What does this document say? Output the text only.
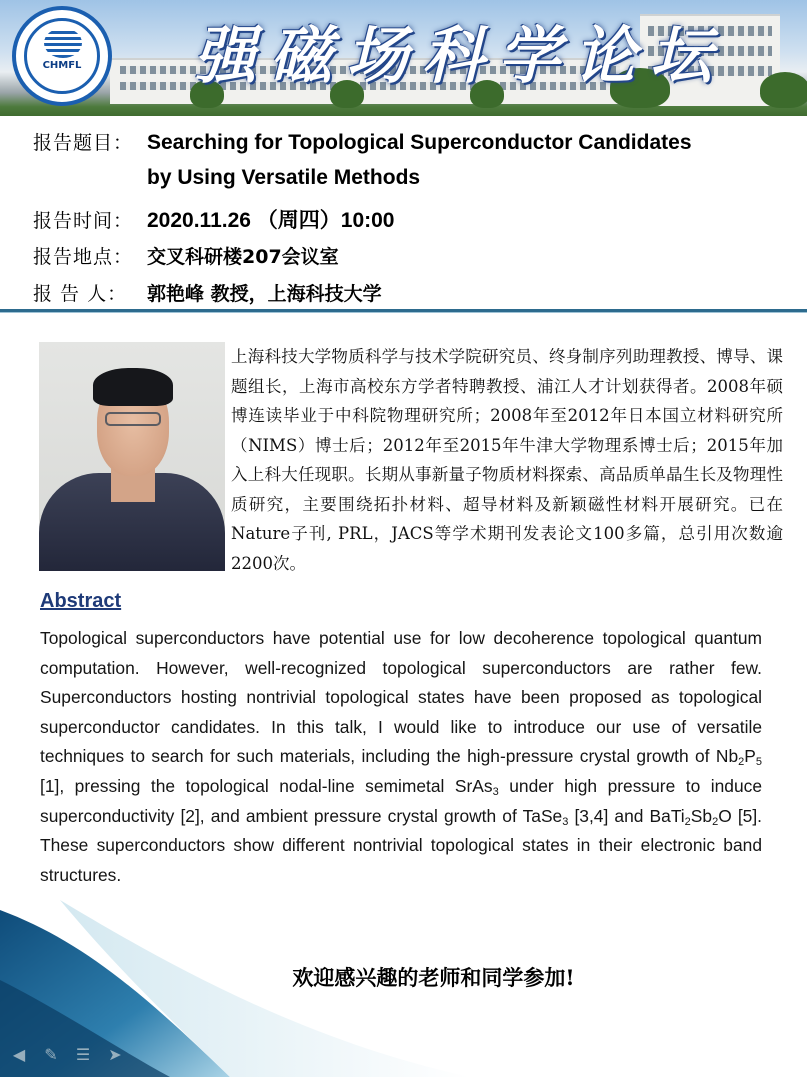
CHMFL	强磁场科学论坛
报告题目： Searching for Topological Superconductor Candidates
by Using Versatile Methods
报告时间： 2020.11.26 （周四）10:00
报告地点： 交叉科研楼207会议室
报 告 人： 郭艳峰 教授，上海科技大学
上海科技大学物质科学与技术学院研究员、终身制序列助理教授、博导、课题组长，上海市高校东方学者特聘教授、浦江人才计划获得者。2008年硕博连读毕业于中科院物理研究所；2008年至2012年日本国立材料研究所（NIMS）博士后；2012年至2015年牛津大学物理系博士后；2015年加入上科大任现职。长期从事新量子物质材料探索、高品质单晶生长及物理性质研究，主要围绕拓扑材料、超导材料及新颖磁性材料开展研究。已在Nature子刊, PRL，JACS等学术期刊发表论文100多篇，总引用次数逾2200次。
Abstract
Topological superconductors have potential use for low decoherence topological quantum computation. However, well-recognized topological superconductors are rather few. Superconductors hosting nontrivial topological states have been proposed as topological superconductor candidates. In this talk, I would like to introduce our use of versatile techniques to search for such materials, including the high-pressure crystal growth of $Nb_2P_5$ [1], pressing the topological nodal-line semimetal SrAs$_3$ under high pressure to induce superconductivity [2], and ambient pressure crystal growth of TaSe$_3$ [3,4] and $BaTi_2Sb_2O$ [5]. These superconductors show different nontrivial topological states in their electronic band structures.
欢迎感兴趣的老师和同学参加!
◀	✎ ☰ ➤
